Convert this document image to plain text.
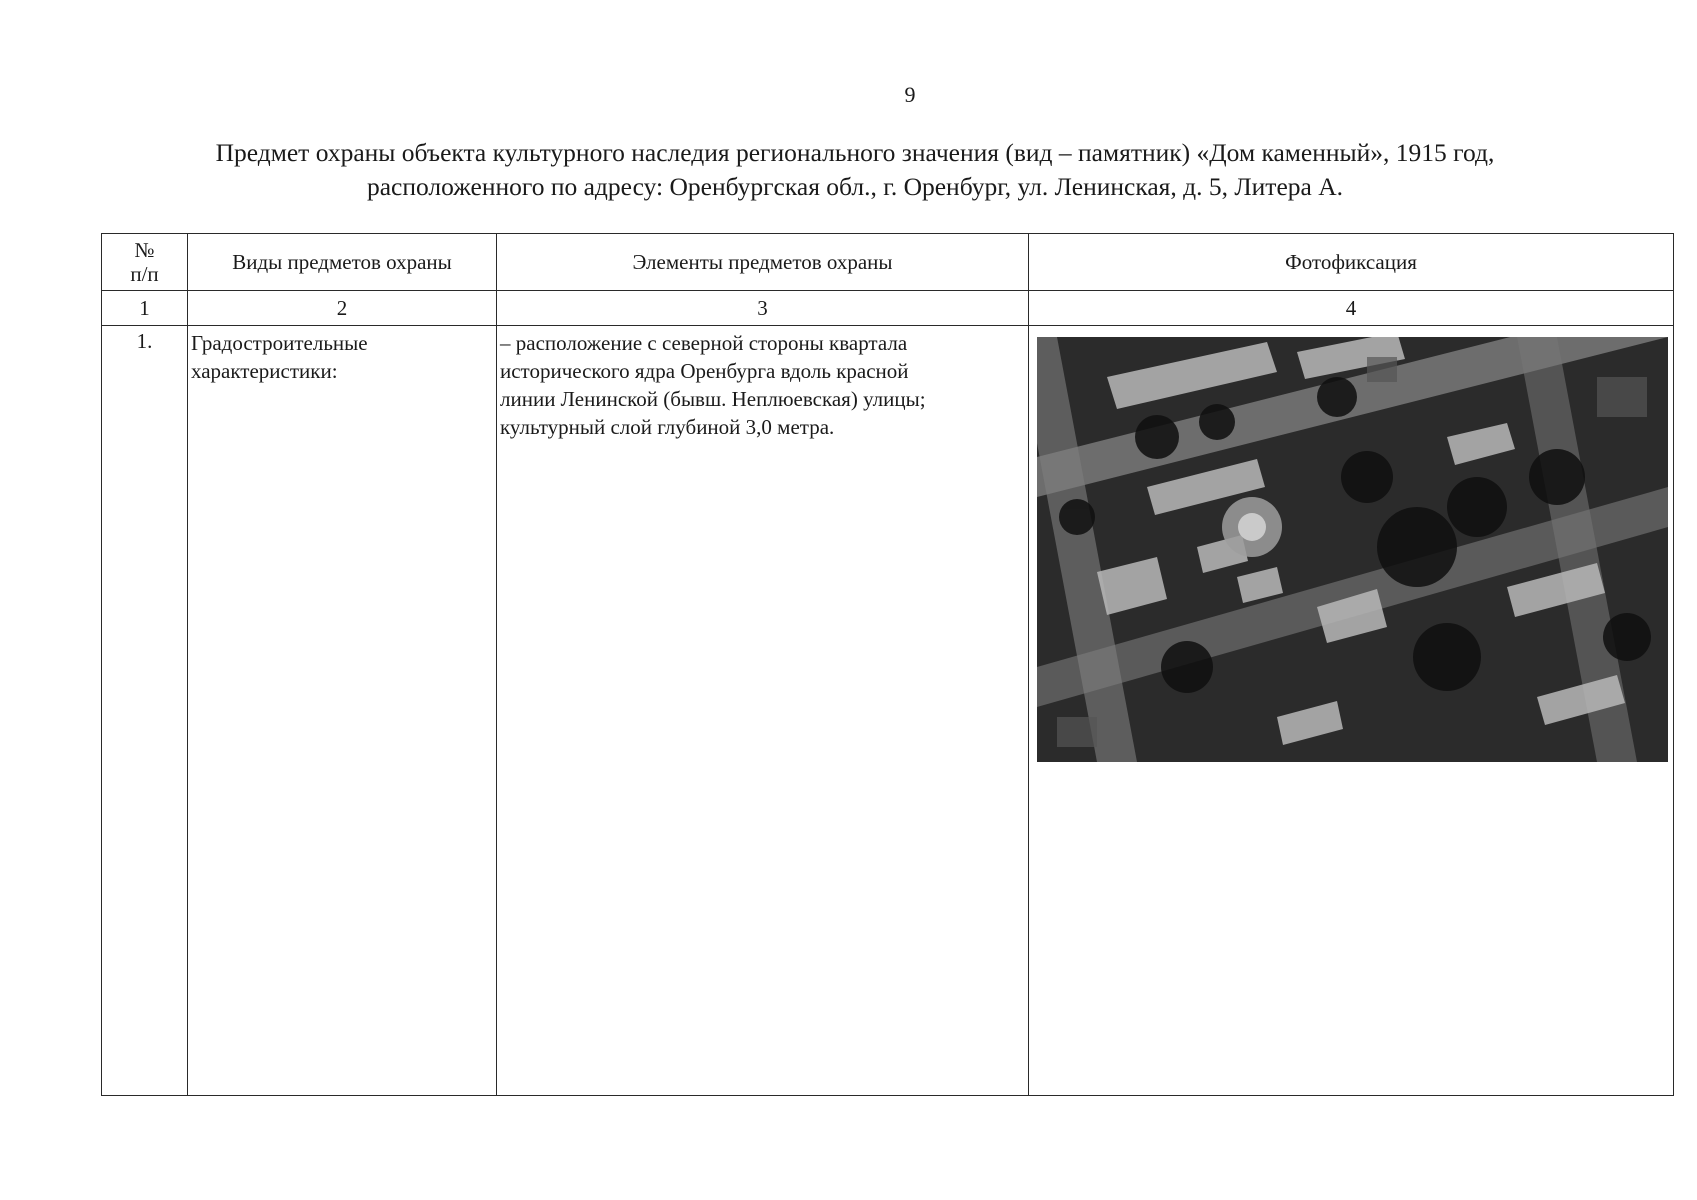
9
Предмет охраны объекта культурного наследия регионального значения (вид – памятник) «Дом каменный», 1915 год,
расположенного по адресу: Оренбургская обл., г. Оренбург, ул. Ленинская, д. 5, Литера А.
№ п/п	Виды предметов охраны	Элементы предметов охраны	Фотофиксация
1	2	3	4
1.	Градостроительные
характеристики:	– расположение с северной стороны квартала
исторического ядра Оренбурга вдоль красной
линии Ленинской (бывш. Неплюевская) улицы;
культурный слой глубиной 3,0 метра.
